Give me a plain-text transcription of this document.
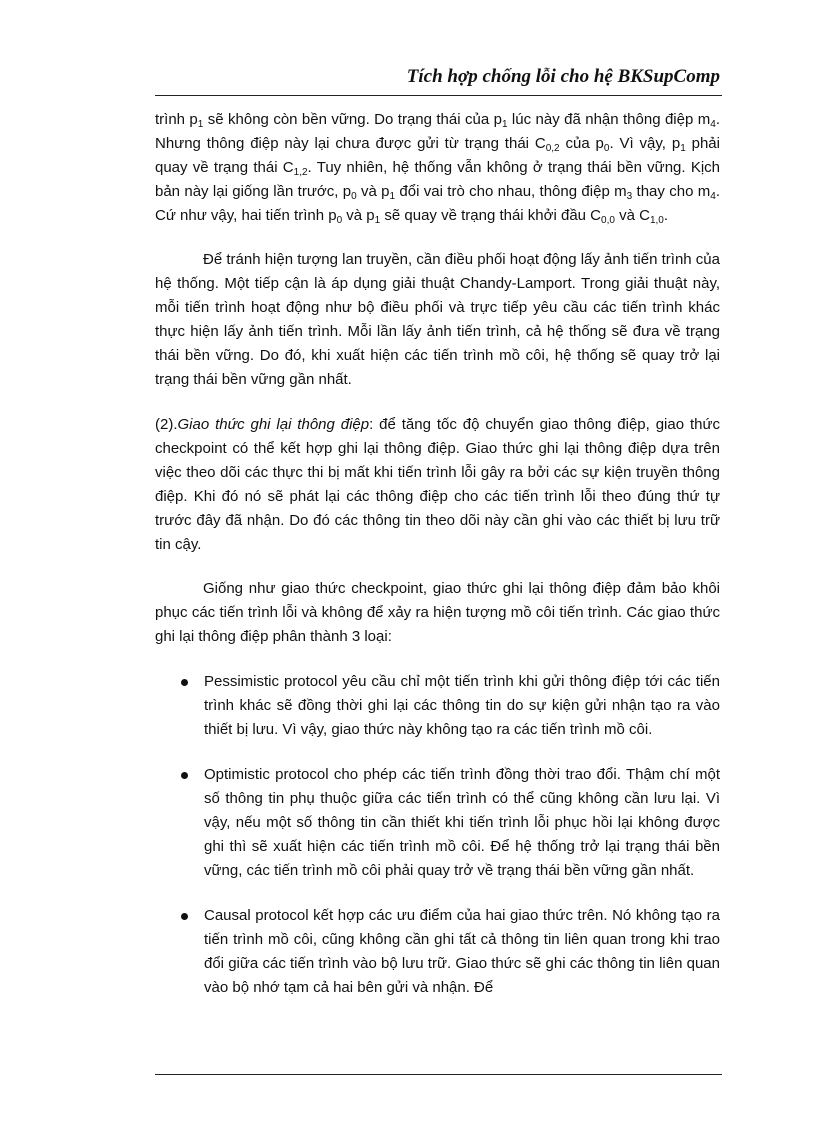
Tích hợp chống lỗi cho hệ BKSupComp

trình $p_1$ sẽ không còn bền vững. Do trạng thái của $p_1$ lúc này đã nhận thông điệp $m_4$. Nhưng thông điệp này lại chưa được gửi từ trạng thái $C_{0,2}$ của $p_0$. Vì vậy, $p_1$ phải quay về trạng thái $C_{1,2}$. Tuy nhiên, hệ thống vẫn không ở trạng thái bền vững. Kịch bản này lại giống lần trước, $p_0$ và $p_1$ đổi vai trò cho nhau, thông điệp $m_3$ thay cho $m_4$. Cứ như vậy, hai tiến trình $p_0$ và $p_1$ sẽ quay về trạng thái khởi đầu $C_{0,0}$ và $C_{1,0}$.

Để tránh hiện tượng lan truyền, cần điều phối hoạt động lấy ảnh tiến trình của hệ thống. Một tiếp cận là áp dụng giải thuật Chandy-Lamport. Trong giải thuật này, mỗi tiến trình hoạt động như bộ điều phối và trực tiếp yêu cầu các tiến trình khác thực hiện lấy ảnh tiến trình. Mỗi lần lấy ảnh tiến trình, cả hệ thống sẽ đưa về trạng thái bền vững. Do đó, khi xuất hiện các tiến trình mồ côi, hệ thống sẽ quay trở lại trạng thái bền vững gần nhất.

(2).Giao thức ghi lại thông điệp: để tăng tốc độ chuyển giao thông điệp, giao thức checkpoint có thể kết hợp ghi lại thông điệp. Giao thức ghi lại thông điệp dựa trên việc theo dõi các thực thi bị mất khi tiến trình lỗi gây ra bởi các sự kiện truyền thông điệp. Khi đó nó sẽ phát lại các thông điệp cho các tiến trình lỗi theo đúng thứ tự trước đây đã nhận. Do đó các thông tin theo dõi này cần ghi vào các thiết bị lưu trữ tin cậy.

Giống như giao thức checkpoint, giao thức ghi lại thông điệp đảm bảo khôi phục các tiến trình lỗi và không để xảy ra hiện tượng mồ côi tiến trình. Các giao thức ghi lại thông điệp phân thành 3 loại:

Pessimistic protocol yêu cầu chỉ một tiến trình khi gửi thông điệp tới các tiến trình khác sẽ đồng thời ghi lại các thông tin do sự kiện gửi nhận tạo ra vào thiết bị lưu. Vì vậy, giao thức này không tạo ra các tiến trình mồ côi.
Optimistic protocol cho phép các tiến trình đồng thời trao đổi. Thậm chí một số thông tin phụ thuộc giữa các tiến trình có thể cũng không cần lưu lại. Vì vậy, nếu một số thông tin cần thiết khi tiến trình lỗi phục hồi lại không được ghi thì sẽ xuất hiện các tiến trình mồ côi. Để hệ thống trở lại trạng thái bền vững, các tiến trình mồ côi phải quay trở về trạng thái bền vững gần nhất.
Causal protocol kết hợp các ưu điểm của hai giao thức trên. Nó không tạo ra tiến trình mồ côi, cũng không cần ghi tất cả thông tin liên quan trong khi trao đổi giữa các tiến trình vào bộ lưu trữ. Giao thức sẽ ghi các thông tin liên quan vào bộ nhớ tạm cả hai bên gửi và nhận. Để
